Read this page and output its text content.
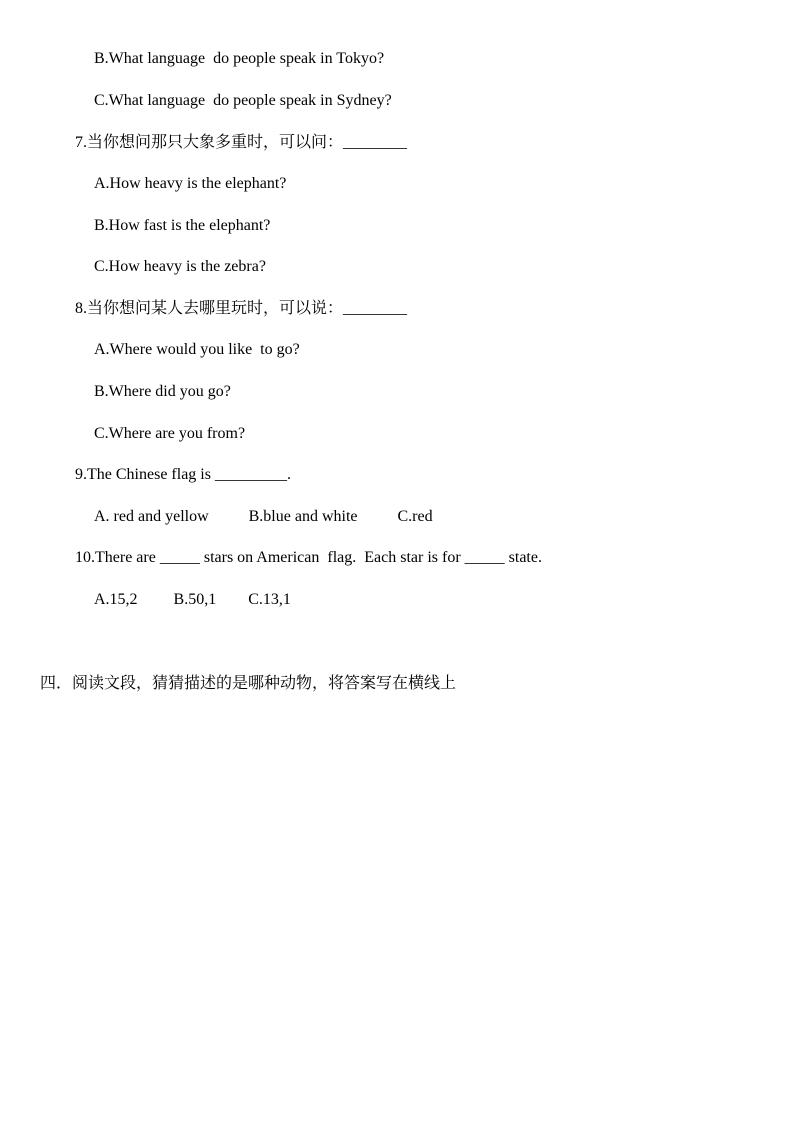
B.What language  do people speak in Tokyo?
C.What language  do people speak in Sydney?
7.当你想问那只大象多重时，可以问：________
A.How heavy is the elephant?
B.How fast is the elephant?
C.How heavy is the zebra?
8.当你想问某人去哪里玩时，可以说：________
A.Where would you like  to go?
B.Where did you go?
C.Where are you from?
9.The Chinese flag is _________.
A. red and yellow          B.blue and white          C.red
10.There are _____ stars on American  flag.  Each star is for _____ state.
A.15,2         B.50,1        C.13,1
四．阅读文段，猜猜描述的是哪种动物，将答案写在横线上
